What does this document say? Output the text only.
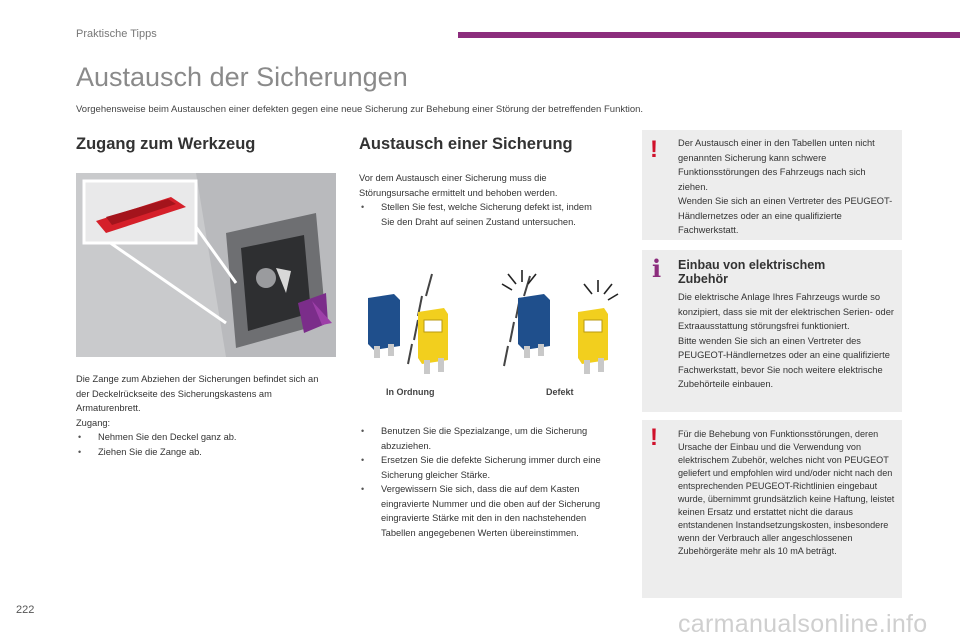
Praktische Tipps
Austausch der Sicherungen
Vorgehensweise beim Austauschen einer defekten gegen eine neue Sicherung zur Behebung einer Störung der betreffenden Funktion.
Zugang zum Werkzeug	Austausch einer Sicherung

Die Zange zum Abziehen der Sicherungen befindet sich an der Deckelrückseite des Sicherungskastens am Armaturenbrett.

Zugang:

• Nehmen Sie den Deckel ganz ab.

• Ziehen Sie die Zange ab.

Vor dem Austausch einer Sicherung muss die Störungsursache ermittelt und behoben werden.

• Stellen Sie fest, welche Sicherung defekt ist, indem Sie den Draht auf seinen Zustand untersuchen.

In Ordnung	Defekt

• Benutzen Sie die Spezialzange, um die Sicherung abzuziehen.

• Ersetzen Sie die defekte Sicherung immer durch eine Sicherung gleicher Stärke.

• Vergewissern Sie sich, dass die auf dem Kasten eingravierte Nummer und die oben auf der Sicherung eingravierte Stärke mit den in den nachstehenden Tabellen angegebenen Werten übereinstimmen.

! Der Austausch einer in den Tabellen unten nicht genannten Sicherung kann schwere Funktionsstörungen des Fahrzeugs nach sich ziehen.

Wenden Sie sich an einen Vertreter des PEUGEOT-Händlernetzes oder an eine qualifizierte Fachwerkstatt.

i Einbau von elektrischem Zubehör

Die elektrische Anlage Ihres Fahrzeugs wurde so konzipiert, dass sie mit der elektrischen Serien- oder Extraausstattung störungsfrei funktioniert.

Bitte wenden Sie sich an einen Vertreter des PEUGEOT-Händlernetzes oder an eine qualifizierte Fachwerkstatt, bevor Sie noch weitere elektrische Zubehörteile einbauen.

! Für die Behebung von Funktionsstörungen, deren Ursache der Einbau und die Verwendung von elektrischem Zubehör, welches nicht von PEUGEOT geliefert und empfohlen wird und/oder nicht nach den entsprechenden PEUGEOT-Richtlinien eingebaut wurde, übernimmt grundsätzlich keine Haftung, leistet keinen Ersatz und erstattet nicht die daraus entstandenen Instandsetzungskosten, insbesondere wenn der Verbrauch aller angeschlossenen Zubehörgeräte mehr als 10 mA beträgt.

222	carmanualsonline.info
